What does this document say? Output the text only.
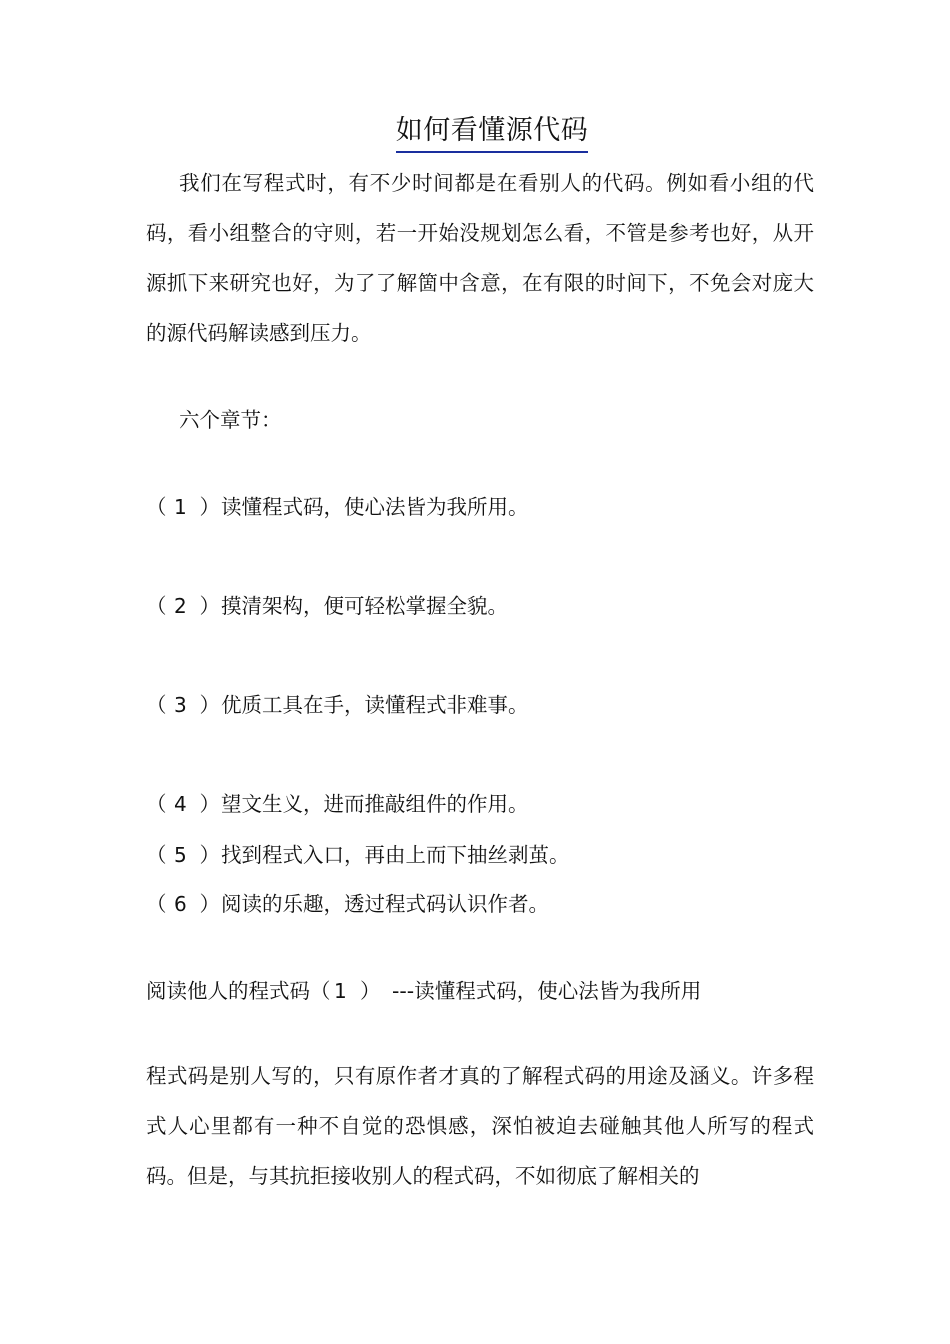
如何看懂源代码

我们在写程式时，有不少时间都是在看别人的代码。例如看小组的代码，看小组整合的守则，若一开始没规划怎么看，不管是参考也好，从开源抓下来研究也好，为了了解箇中含意，在有限的时间下，不免会对庞大的源代码解读感到压力。

六个章节：
（ 1 ）读懂程式码，使心法皆为我所用。
（ 2 ）摸清架构，便可轻松掌握全貌。
（ 3 ）优质工具在手，读懂程式非难事。
（ 4 ）望文生义，进而推敲组件的作用。
（ 5 ）找到程式入口，再由上而下抽丝剥茧。
（ 6 ）阅读的乐趣，透过程式码认识作者。
阅读他人的程式码（ 1 ） ---读懂程式码，使心法皆为我所用

程式码是别人写的，只有原作者才真的了解程式码的用途及涵义。许多程式人心里都有一种不自觉的恐惧感，深怕被迫去碰触其他人所写的程式码。但是，与其抗拒接收别人的程式码，不如彻底了解相关的
